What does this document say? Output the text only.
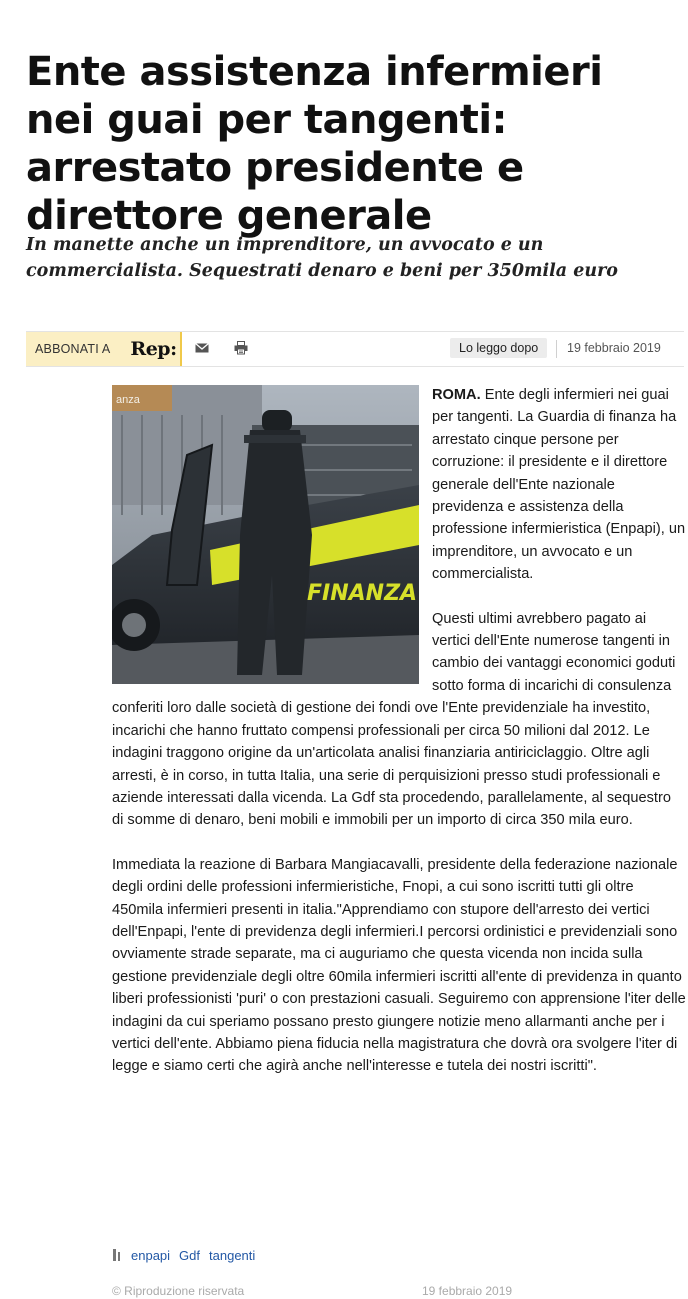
Ente assistenza infermieri nei guai per tangenti: arrestato presidente e direttore generale
In manette anche un imprenditore, un avvocato e un commercialista. Sequestrati denaro e beni per 350mila euro
ABBONATI A Rep:	Lo leggo dopo	19 febbraio 2019
anza
FINANZA

ROMA. Ente degli infermieri nei guai per tangenti. La Guardia di finanza ha arrestato cinque persone per corruzione: il presidente e il direttore generale dell'Ente nazionale previdenza e assistenza della professione infermieristica (Enpapi), un imprenditore, un avvocato e un commercialista.

Questi ultimi avrebbero pagato ai vertici dell'Ente numerose tangenti in cambio dei vantaggi economici goduti sotto forma di incarichi di consulenza conferiti loro dalle società di gestione dei fondi ove l'Ente previdenziale ha investito, incarichi che hanno fruttato compensi professionali per circa 50 milioni dal 2012. Le indagini traggono origine da un'articolata analisi finanziaria antiriciclaggio. Oltre agli arresti, è in corso, in tutta Italia, una serie di perquisizioni presso studi professionali e aziende interessati dalla vicenda. La Gdf sta procedendo, parallelamente, al sequestro di somme di denaro, beni mobili e immobili per un importo di circa 350 mila euro.

Immediata la reazione di Barbara Mangiacavalli, presidente della federazione nazionale degli ordini delle professioni infermieristiche, Fnopi, a cui sono iscritti tutti gli oltre 450mila infermieri presenti in italia."Apprendiamo con stupore dell'arresto dei vertici dell'Enpapi, l'ente di previdenza degli infermieri.I percorsi ordinistici e previdenziali sono ovviamente strade separate, ma ci auguriamo che questa vicenda non incida sulla gestione previdenziale degli oltre 60mila infermieri iscritti all'ente di previdenza in quanto liberi professionisti 'puri' o con prestazioni casuali. Seguiremo con apprensione l'iter delle indagini da cui speriamo possano presto giungere notizie meno allarmanti anche per i vertici dell'ente. Abbiamo piena fiducia nella magistratura che dovrà ora svolgere l'iter di legge e siamo certi che agirà anche nell'interesse e tutela dei nostri iscritti".

enpapi Gdf tangenti
© Riproduzione riservata	19 febbraio 2019
